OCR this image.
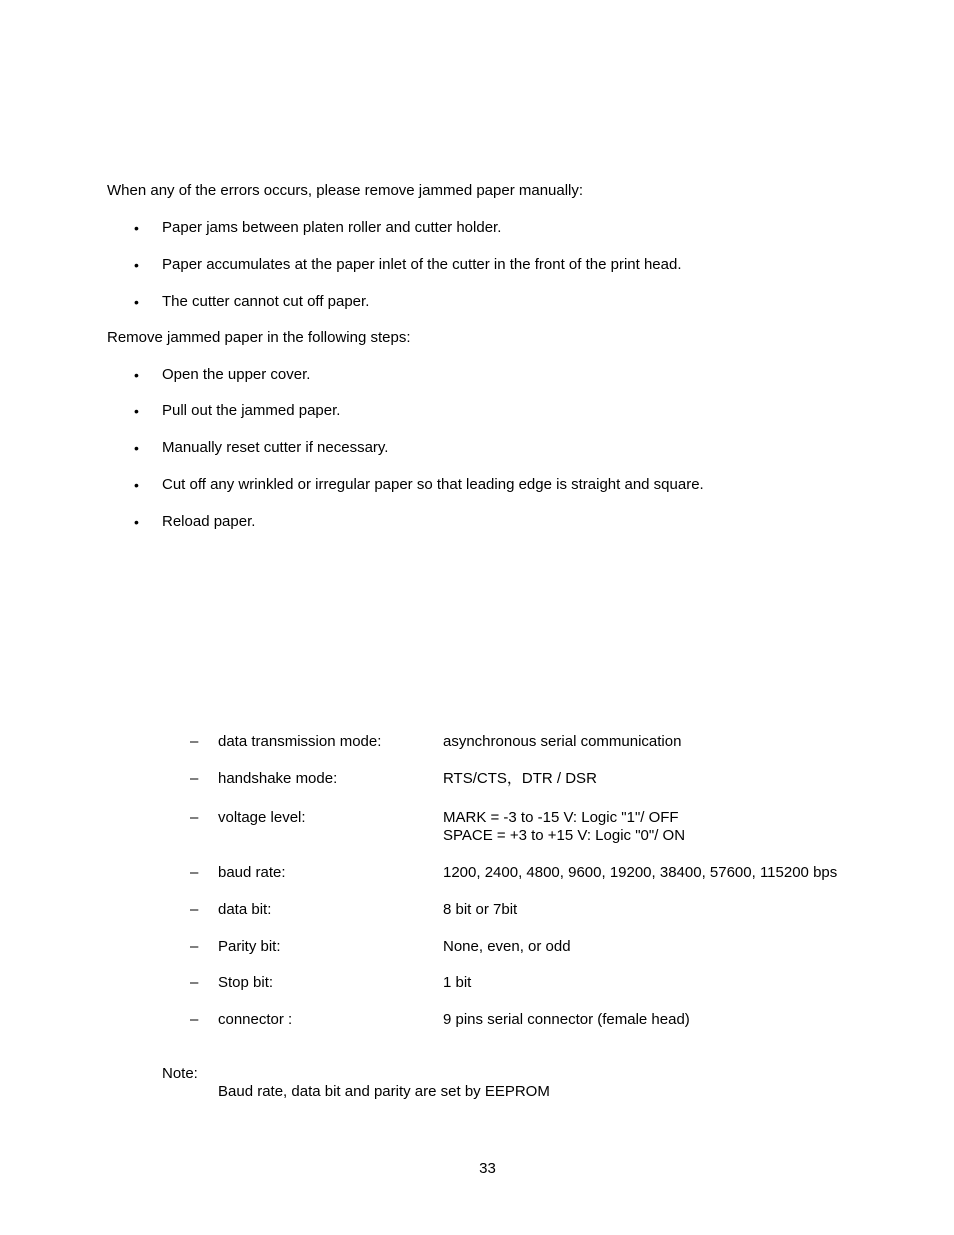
When any of the errors occurs, please remove jammed paper manually:
• Paper jams between platen roller and cutter holder.
• Paper accumulates at the paper inlet of the cutter in the front of the print head.
• The cutter cannot cut off paper.
Remove jammed paper in the following steps:
• Open the upper cover.
• Pull out the jammed paper.
• Manually reset cutter if necessary.
• Cut off any wrinkled or irregular paper so that leading edge is straight and square.
• Reload paper.
– data transmission mode:	asynchronous serial communication
– handshake mode:	RTS/CTS，DTR / DSR
– voltage level:	MARK = -3 to -15 V: Logic "1"/ OFF
SPACE = +3 to +15 V: Logic "0"/ ON
– baud rate:	1200, 2400, 4800, 9600, 19200, 38400, 57600, 115200 bps
– data bit:	8 bit or 7bit
– Parity bit:	None, even, or odd
– Stop bit:	1 bit
– connector :	9 pins serial connector (female head)
Note:
Baud rate, data bit and parity are set by EEPROM
33
